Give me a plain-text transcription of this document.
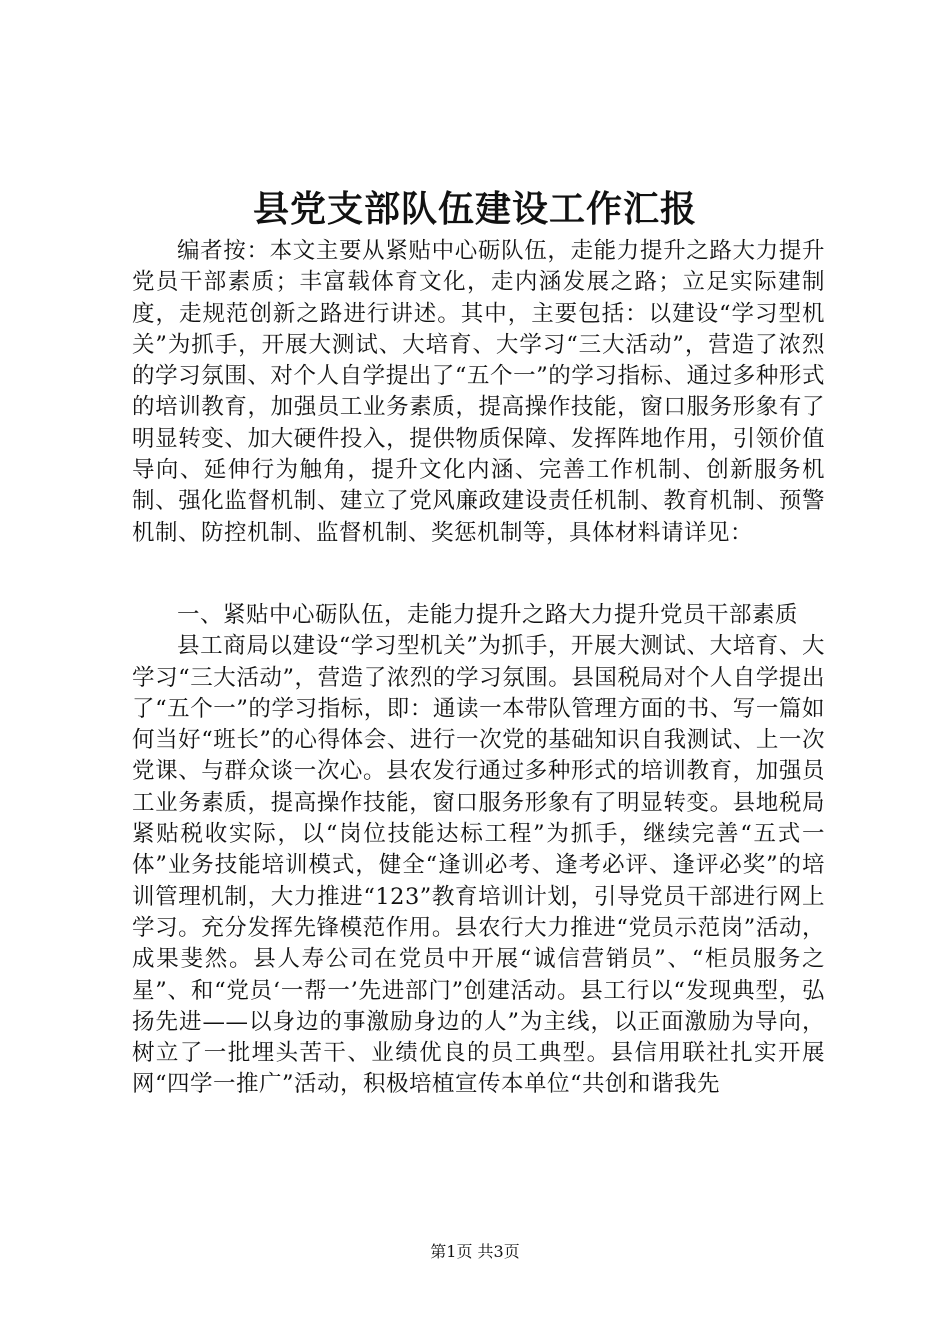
县党支部队伍建设工作汇报

编者按：本文主要从紧贴中心砺队伍，走能力提升之路大力提升党员干部素质；丰富载体育文化，走内涵发展之路；立足实际建制度，走规范创新之路进行讲述。其中，主要包括：以建设“学习型机关”为抓手，开展大测试、大培育、大学习“三大活动”，营造了浓烈的学习氛围、对个人自学提出了“五个一”的学习指标、通过多种形式的培训教育，加强员工业务素质，提高操作技能，窗口服务形象有了明显转变、加大硬件投入，提供物质保障、发挥阵地作用，引领价值导向、延伸行为触角，提升文化内涵、完善工作机制、创新服务机制、强化监督机制、建立了党风廉政建设责任机制、教育机制、预警机制、防控机制、监督机制、奖惩机制等，具体材料请详见：

一、紧贴中心砺队伍，走能力提升之路大力提升党员干部素质

县工商局以建设“学习型机关”为抓手，开展大测试、大培育、大学习“三大活动”，营造了浓烈的学习氛围。县国税局对个人自学提出了“五个一”的学习指标，即：通读一本带队管理方面的书、写一篇如何当好“班长”的心得体会、进行一次党的基础知识自我测试、上一次党课、与群众谈一次心。县农发行通过多种形式的培训教育，加强员工业务素质，提高操作技能，窗口服务形象有了明显转变。县地税局紧贴税收实际，以“岗位技能达标工程”为抓手，继续完善“五式一体”业务技能培训模式，健全“逢训必考、逢考必评、逢评必奖”的培训管理机制，大力推进“123”教育培训计划，引导党员干部进行网上学习。充分发挥先锋模范作用。县农行大力推进“党员示范岗”活动，成果斐然。县人寿公司在党员中开展“诚信营销员”、“柜员服务之星”、和“党员‘一帮一’先进部门”创建活动。县工行以“发现典型，弘扬先进——以身边的事激励身边的人”为主线，以正面激励为导向，树立了一批埋头苦干、业绩优良的员工典型。县信用联社扎实开展网“四学一推广”活动，积极培植宣传本单位“共创和谐我先

第1页 共3页
